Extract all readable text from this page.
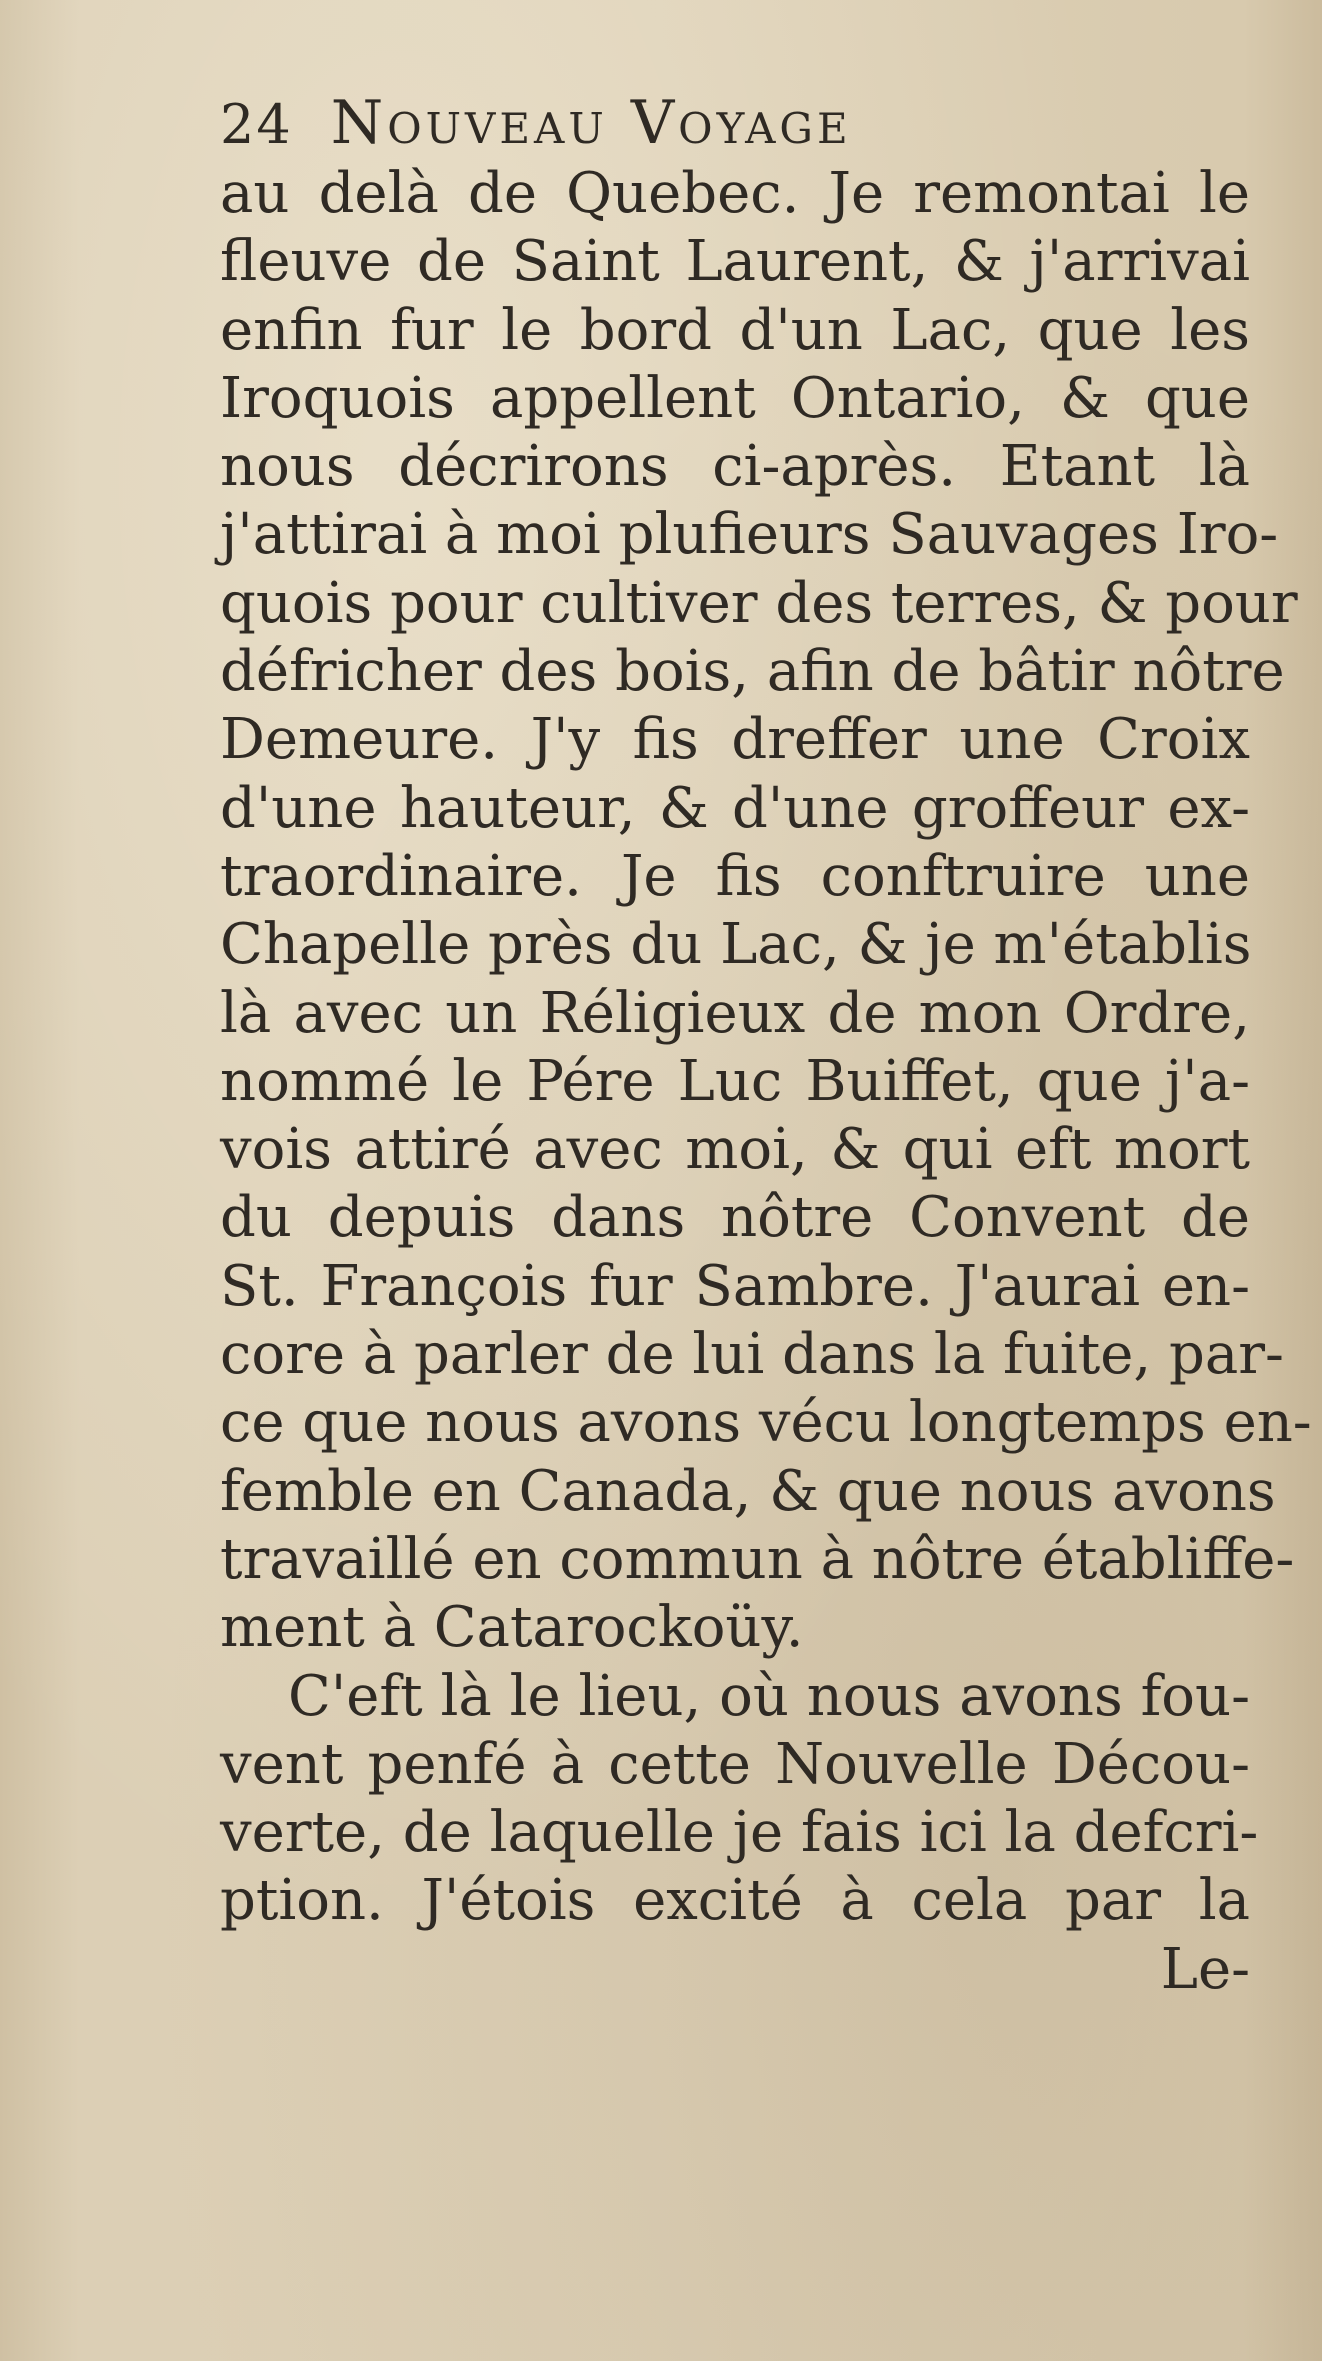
24 Nouveau Voyage
au delà de Quebec. Je remontai le
fleuve de Saint Laurent, & j'arrivai
enfin fur le bord d'un Lac, que les
Iroquois appellent Ontario, & que
nous décrirons ci-après. Etant là
j'attirai à moi plufieurs Sauvages Iro-
quois pour cultiver des terres, & pour
défricher des bois, afin de bâtir nôtre
Demeure. J'y fis dreffer une Croix
d'une hauteur, & d'une groffeur ex-
traordinaire. Je fis conftruire une
Chapelle près du Lac, & je m'établis
là avec un Réligieux de mon Ordre,
nommé le Pére Luc Buiffet, que j'a-
vois attiré avec moi, & qui eft mort
du depuis dans nôtre Convent de
St. François fur Sambre. J'aurai en-
core à parler de lui dans la fuite, par-
ce que nous avons vécu longtemps en-
femble en Canada, & que nous avons
travaillé en commun à nôtre établiffe-
ment à Catarockoüy.
C'eft là le lieu, où nous avons fou-
vent penfé à cette Nouvelle Décou-
verte, de laquelle je fais ici la defcri-
ption. J'étois excité à cela par la
Le-
